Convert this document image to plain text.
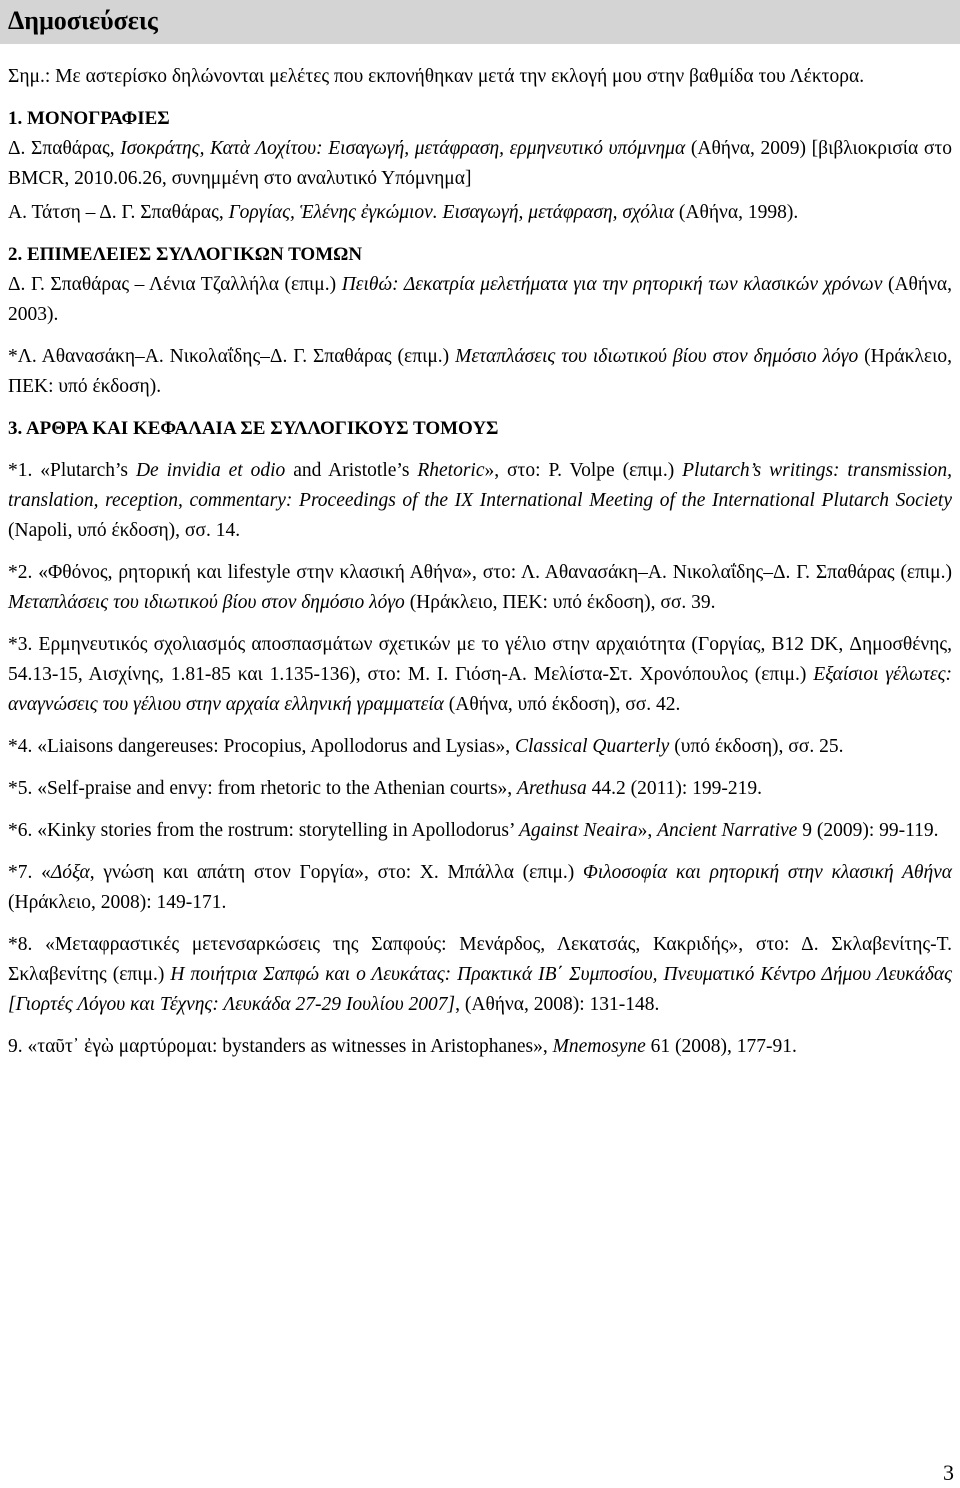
Δημοσιεύσεις

Σημ.: Με αστερίσκο δηλώνονται μελέτες που εκπονήθηκαν μετά την εκλογή μου στην βαθμίδα του Λέκτορα.

1. ΜΟΝΟΓΡΑΦΙΕΣ

Δ. Σπαθάρας, Ισοκράτης, Κατὰ Λοχίτου: Εισαγωγή, μετάφραση, ερμηνευτικό υπόμνημα (Αθήνα, 2009) [βιβλιοκρισία στο BMCR, 2010.06.26, συνημμένη στο αναλυτικό Υπόμνημα]

Α. Τάτση – Δ. Γ. Σπαθάρας, Γοργίας, Ἑλένης ἐγκώμιον. Εισαγωγή, μετάφραση, σχόλια (Αθήνα, 1998).

2. ΕΠΙΜΕΛΕΙΕΣ ΣΥΛΛΟΓΙΚΩΝ ΤΟΜΩΝ

Δ. Γ. Σπαθάρας – Λένια Τζαλλήλα (επιμ.) Πειθώ: Δεκατρία μελετήματα για την ρητορική των κλασικών χρόνων (Αθήνα, 2003).

*Λ. Αθανασάκη–Α. Νικολαΐδης–Δ. Γ. Σπαθάρας (επιμ.) Μεταπλάσεις του ιδιωτικού βίου στον δημόσιο λόγο (Ηράκλειο, ΠΕΚ: υπό έκδοση).

3. ΑΡΘΡΑ ΚΑΙ ΚΕΦΑΛΑΙΑ ΣΕ ΣΥΛΛΟΓΙΚΟΥΣ ΤΟΜΟΥΣ

*1. «Plutarch’s De invidia et odio and Aristotle’s Rhetoric», στο: P. Volpe (επιμ.) Plutarch’s writings: transmission, translation, reception, commentary: Proceedings of the IX International Meeting of the International Plutarch Society (Napoli, υπό έκδοση), σσ. 14.

*2. «Φθόνος, ρητορική και lifestyle στην κλασική Αθήνα», στο: Λ. Αθανασάκη–Α. Νικολαΐδης–Δ. Γ. Σπαθάρας (επιμ.) Μεταπλάσεις του ιδιωτικού βίου στον δημόσιο λόγο (Ηράκλειο, ΠΕΚ: υπό έκδοση), σσ. 39.

*3. Ερμηνευτικός σχολιασμός αποσπασμάτων σχετικών με το γέλιο στην αρχαιότητα (Γοργίας, Β12 DK, Δημοσθένης, 54.13-15, Αισχίνης, 1.81-85 και 1.135-136), στο: Μ. Ι. Γιόση-Α. Μελίστα-Στ. Χρονόπουλος (επιμ.) Εξαίσιοι γέλωτες: αναγνώσεις του γέλιου στην αρχαία ελληνική γραμματεία (Αθήνα, υπό έκδοση), σσ. 42.

*4. «Liaisons dangereuses: Procopius, Apollodorus and Lysias», Classical Quarterly (υπό έκδοση), σσ. 25.

*5. «Self-praise and envy: from rhetoric to the Athenian courts», Arethusa 44.2 (2011): 199-219.

*6. «Kinky stories from the rostrum: storytelling in Apollodorus’ Against Neaira», Ancient Narrative 9 (2009): 99-119.

*7. «Δόξα, γνώση και απάτη στον Γοργία», στο: Χ. Μπάλλα (επιμ.) Φιλοσοφία και ρητορική στην κλασική Αθήνα (Ηράκλειο, 2008): 149-171.

*8. «Μεταφραστικές μετενσαρκώσεις της Σαπφούς: Μενάρδος, Λεκατσάς, Κακριδής», στο: Δ. Σκλαβενίτης-Τ. Σκλαβενίτης (επιμ.) Η ποιήτρια Σαπφώ και ο Λευκάτας: Πρακτικά ΙΒ΄ Συμποσίου, Πνευματικό Κέντρο Δήμου Λευκάδας [Γιορτές Λόγου και Τέχνης: Λευκάδα 27-29 Ιουλίου 2007], (Αθήνα, 2008): 131-148.

9. «ταῦτ᾽ ἐγὼ μαρτύρομαι: bystanders as witnesses in Aristophanes», Mnemosyne 61 (2008), 177-91.

3
